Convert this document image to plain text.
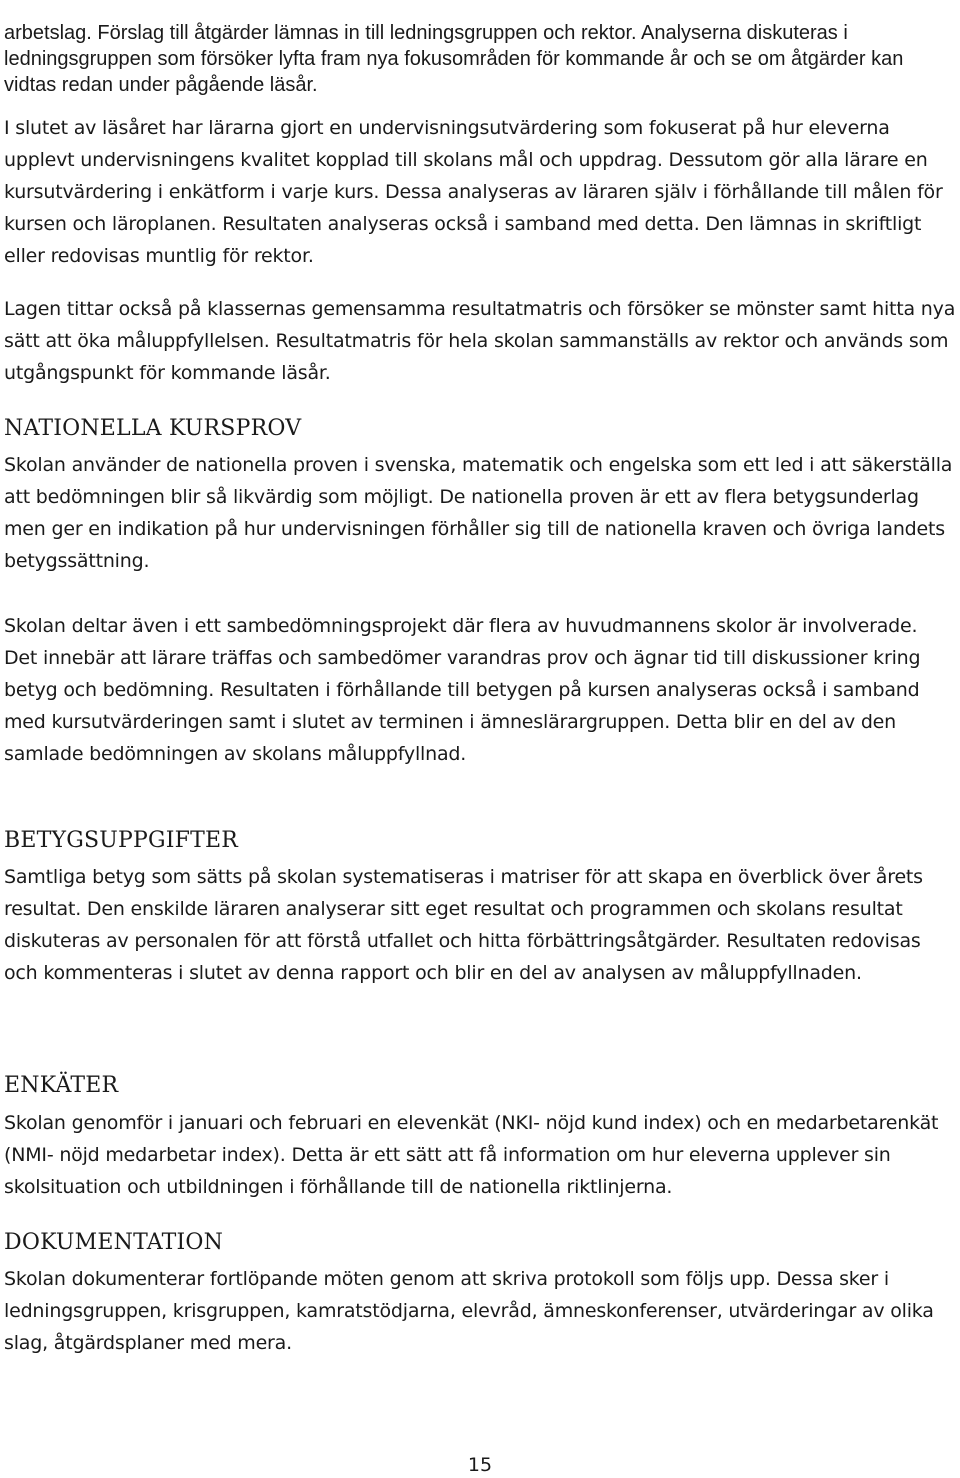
arbetslag. Förslag till åtgärder lämnas in till ledningsgruppen och rektor. Analyserna diskuteras i ledningsgruppen som försöker lyfta fram nya fokusområden för kommande år och se om åtgärder kan vidtas redan under pågående läsår.

I slutet av läsåret har lärarna gjort en undervisningsutvärdering som fokuserat på hur eleverna upplevt undervisningens kvalitet kopplad till skolans mål och uppdrag. Dessutom gör alla lärare en kursutvärdering i enkätform i varje kurs. Dessa analyseras av läraren själv i förhållande till målen för kursen och läroplanen. Resultaten analyseras också i samband med detta. Den lämnas in skriftligt eller redovisas muntlig för rektor.

Lagen tittar också på klassernas gemensamma resultatmatris och försöker se mönster samt hitta nya sätt att öka måluppfyllelsen. Resultatmatris för hela skolan sammanställs av rektor och används som utgångspunkt för kommande läsår.

NATIONELLA KURSPROV

Skolan använder de nationella proven i svenska, matematik och engelska som ett led i att säkerställa att bedömningen blir så likvärdig som möjligt. De nationella proven är ett av flera betygsunderlag men ger en indikation på hur undervisningen förhåller sig till de nationella kraven och övriga landets betygssättning.

Skolan deltar även i ett sambedömningsprojekt där flera av huvudmannens skolor är involverade. Det innebär att lärare träffas och sambedömer varandras prov och ägnar tid till diskussioner kring betyg och bedömning. Resultaten i förhållande till betygen på kursen analyseras också i samband med kursutvärderingen samt i slutet av terminen i ämneslärargruppen. Detta blir en del av den samlade bedömningen av skolans måluppfyllnad.

BETYGSUPPGIFTER

Samtliga betyg som sätts på skolan systematiseras i matriser för att skapa en överblick över årets resultat. Den enskilde läraren analyserar sitt eget resultat och programmen och skolans resultat diskuteras av personalen för att förstå utfallet och hitta förbättringsåtgärder. Resultaten redovisas och kommenteras i slutet av denna rapport och blir en del av analysen av måluppfyllnaden.

ENKÄTER

Skolan genomför i januari och februari en elevenkät (NKI- nöjd kund index) och en medarbetarenkät (NMI- nöjd medarbetar index). Detta är ett sätt att få information om hur eleverna upplever sin skolsituation och utbildningen i förhållande till de nationella riktlinjerna.

DOKUMENTATION

Skolan dokumenterar fortlöpande möten genom att skriva protokoll som följs upp. Dessa sker i ledningsgruppen, krisgruppen, kamratstödjarna, elevråd, ämneskonferenser, utvärderingar av olika slag, åtgärdsplaner med mera.

15
